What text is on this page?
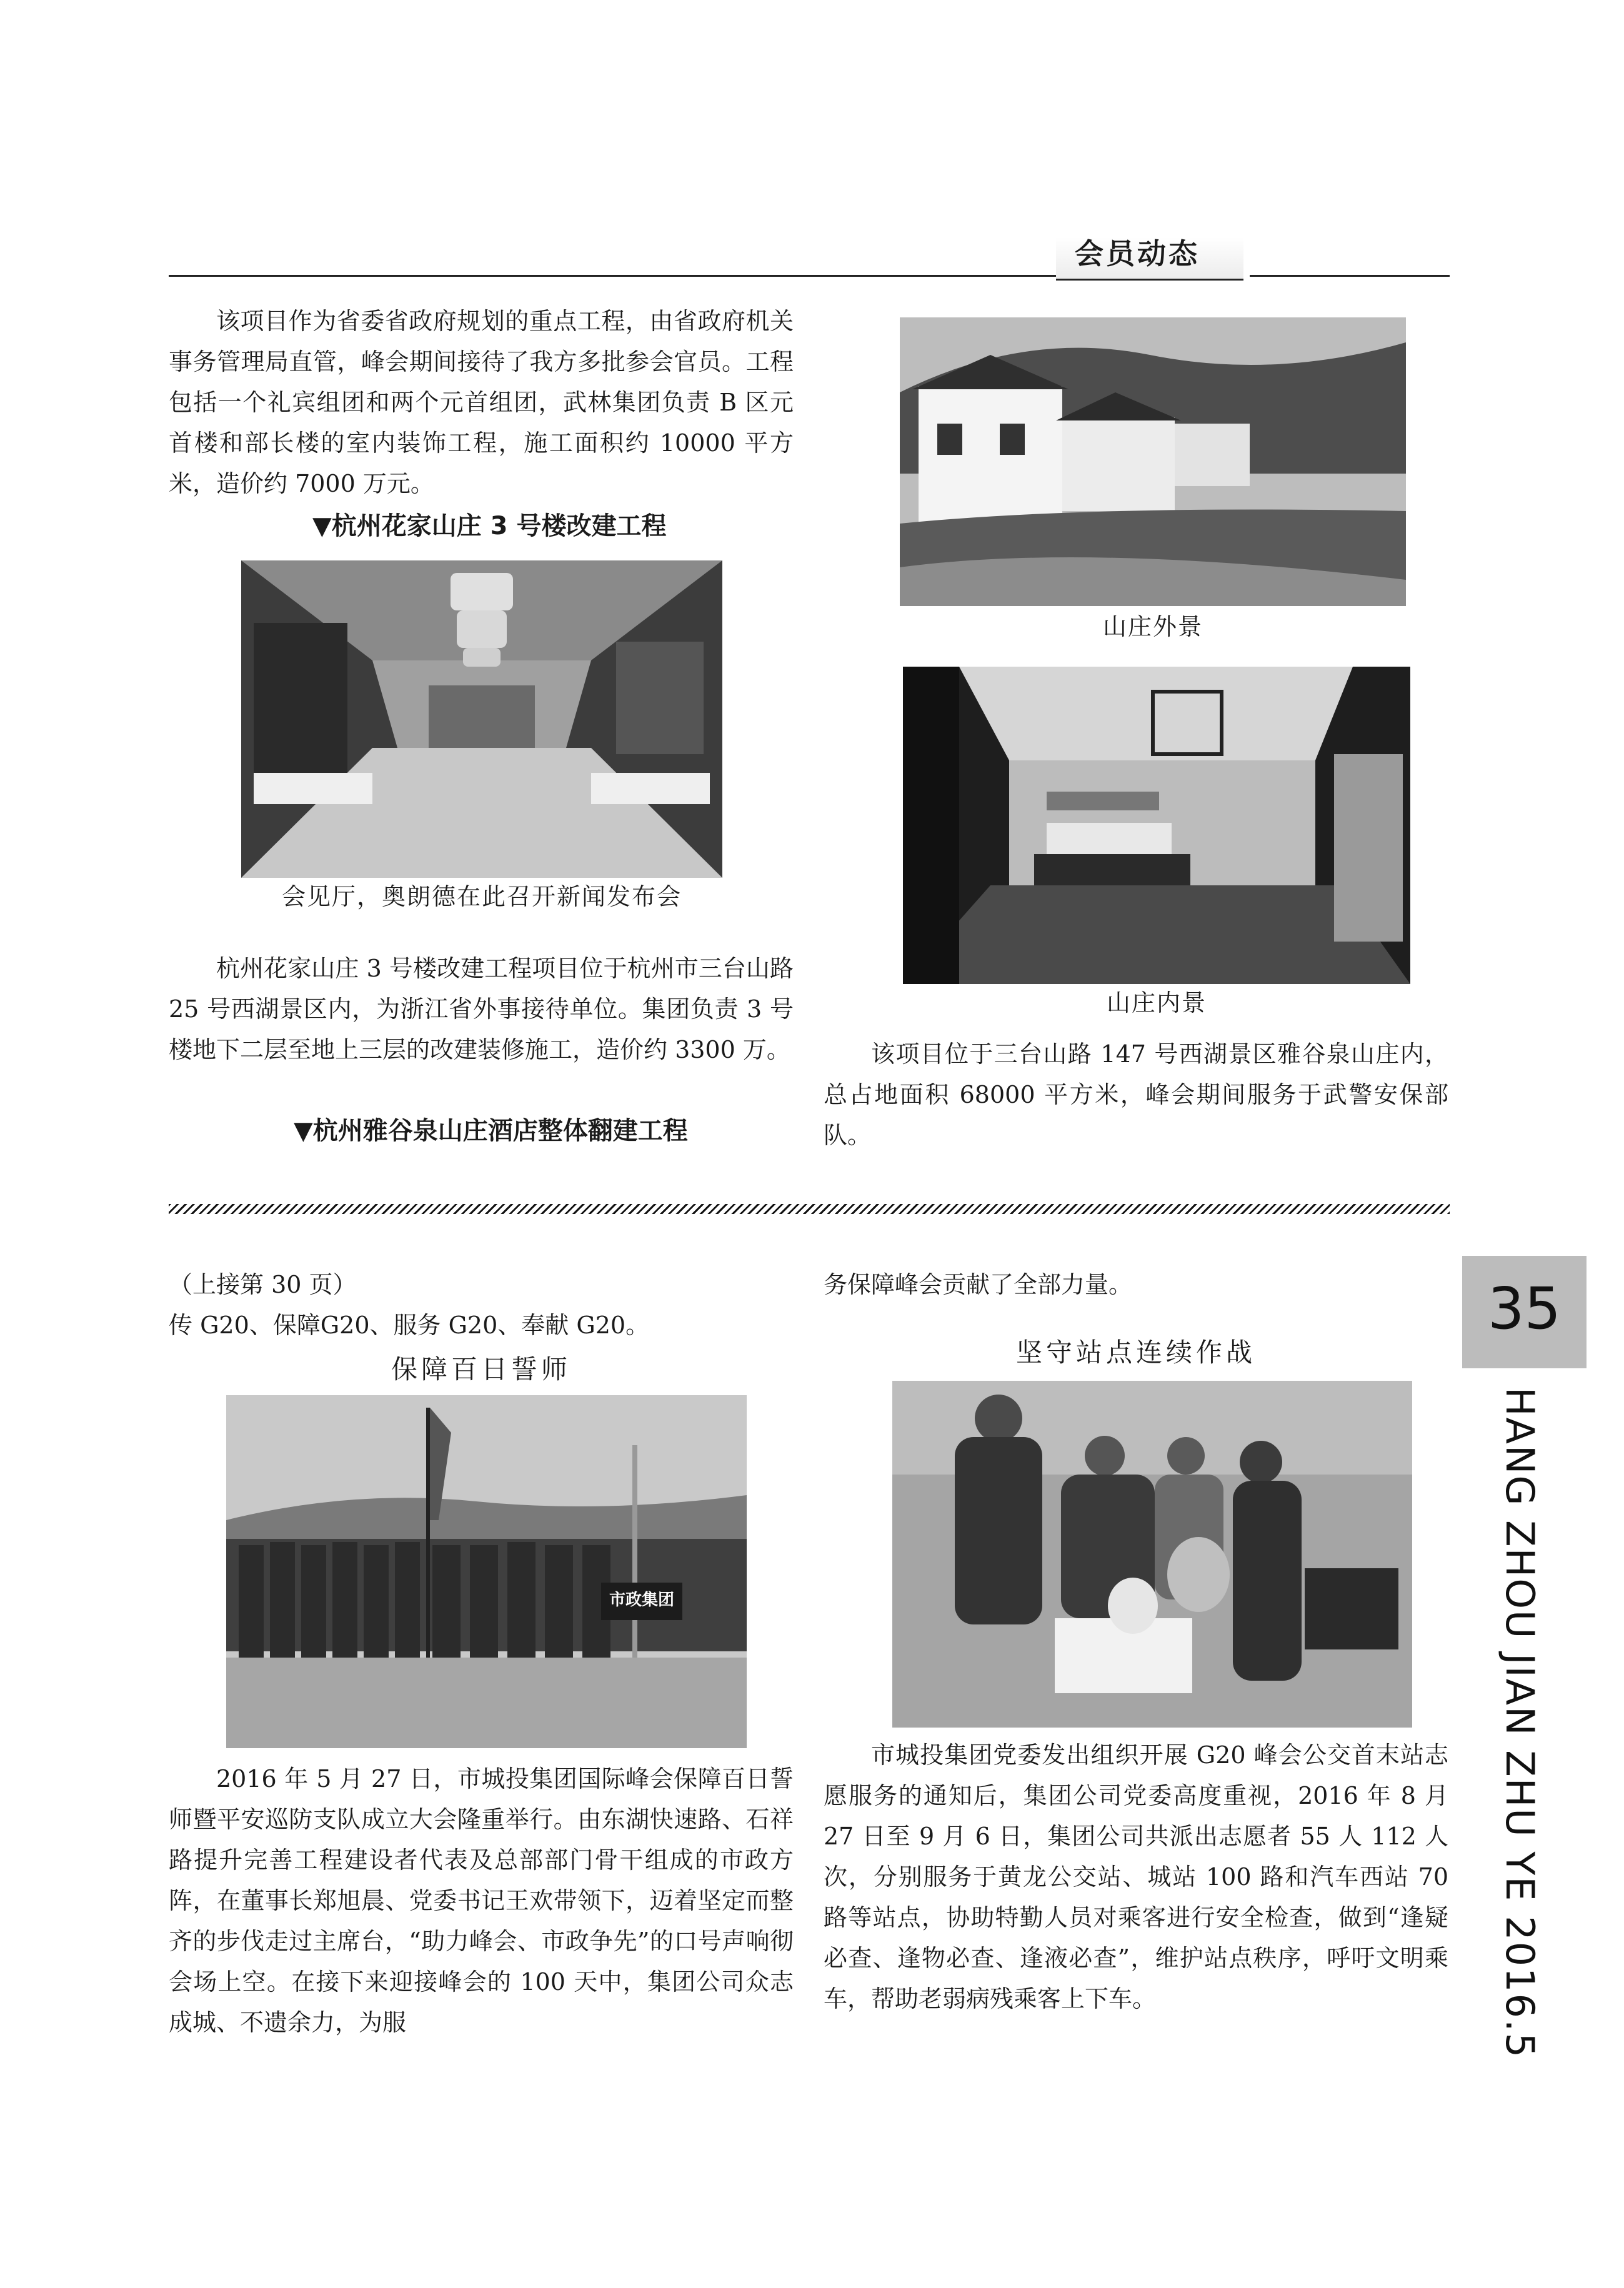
会员动态

该项目作为省委省政府规划的重点工程，由省政府机关事务管理局直管，峰会期间接待了我方多批参会官员。工程包括一个礼宾组团和两个元首组团，武林集团负责 B 区元首楼和部长楼的室内装饰工程，施工面积约 10000 平方米，造价约 7000 万元。

▼杭州花家山庄 3 号楼改建工程
会见厅，奥朗德在此召开新闻发布会

杭州花家山庄 3 号楼改建工程项目位于杭州市三台山路 25 号西湖景区内，为浙江省外事接待单位。集团负责 3 号楼地下二层至地上三层的改建装修施工，造价约 3300 万。

▼杭州雅谷泉山庄酒店整体翻建工程
山庄外景
山庄内景

该项目位于三台山路 147 号西湖景区雅谷泉山庄内，总占地面积 68000 平方米，峰会期间服务于武警安保部队。

35
HANG ZHOU JIAN ZHU YE 2016.5
（上接第 30 页）
传 G20、保障G20、服务 G20、奉献 G20。
保障百日誓师
市政集团

2016 年 5 月 27 日，市城投集团国际峰会保障百日誓师暨平安巡防支队成立大会隆重举行。由东湖快速路、石祥路提升完善工程建设者代表及总部部门骨干组成的市政方阵，在董事长郑旭晨、党委书记王欢带领下，迈着坚定而整齐的步伐走过主席台，“助力峰会、市政争先”的口号声响彻会场上空。在接下来迎接峰会的 100 天中，集团公司众志成城、不遗余力，为服

务保障峰会贡献了全部力量。
坚守站点连续作战

市城投集团党委发出组织开展 G20 峰会公交首末站志愿服务的通知后，集团公司党委高度重视，2016 年 8 月 27 日至 9 月 6 日，集团公司共派出志愿者 55 人 112 人次，分别服务于黄龙公交站、城站 100 路和汽车西站 70 路等站点，协助特勤人员对乘客进行安全检查，做到“逢疑必查、逢物必查、逢液必查”，维护站点秩序，呼吁文明乘车，帮助老弱病残乘客上下车。
